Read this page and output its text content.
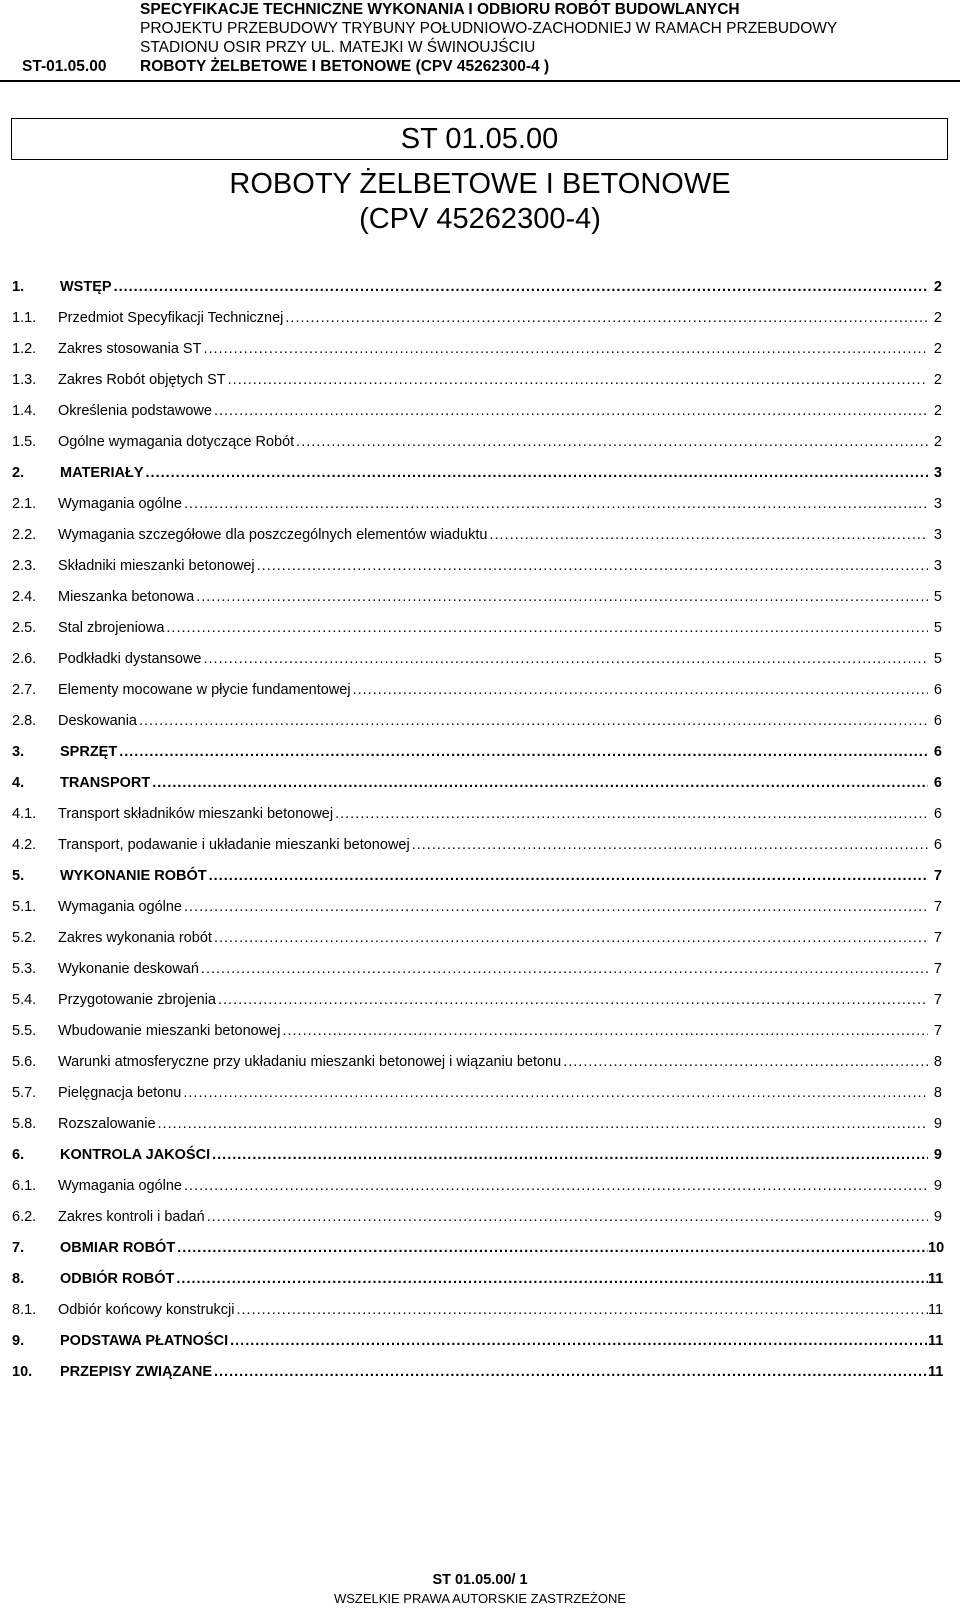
SPECYFIKACJE TECHNICZNE WYKONANIA I ODBIORU ROBÓT BUDOWLANYCH
PROJEKTU PRZEBUDOWY TRYBUNY POŁUDNIOWO-ZACHODNIEJ W RAMACH PRZEBUDOWY
STADIONU OSIR PRZY UL. MATEJKI W ŚWINOUJŚCIU
ST-01.05.00	ROBOTY ŻELBETOWE I BETONOWE (CPV 45262300-4 )
ST 01.05.00
ROBOTY ŻELBETOWE I BETONOWE
(CPV 45262300-4)
1.	WSTĘP .....	2
1.1.	Przedmiot Specyfikacji Technicznej .....	2
1.2.	Zakres stosowania ST .....	2
1.3.	Zakres Robót objętych ST .....	2
1.4.	Określenia podstawowe .....	2
1.5.	Ogólne wymagania dotyczące Robót .....	2
2.	MATERIAŁY .....	3
2.1.	Wymagania ogólne .....	3
2.2.	Wymagania szczegółowe dla poszczególnych elementów wiaduktu .....	3
2.3.	Składniki mieszanki betonowej .....	3
2.4.	Mieszanka betonowa .....	5
2.5.	Stal zbrojeniowa .....	5
2.6.	Podkładki dystansowe .....	5
2.7.	Elementy mocowane w płycie fundamentowej .....	6
2.8.	Deskowania .....	6
3.	SPRZĘT .....	6
4.	TRANSPORT .....	6
4.1.	Transport składników mieszanki betonowej .....	6
4.2.	Transport, podawanie i układanie mieszanki betonowej .....	6
5.	WYKONANIE ROBÓT .....	7
5.1.	Wymagania ogólne .....	7
5.2.	Zakres wykonania robót .....	7
5.3.	Wykonanie deskowań .....	7
5.4.	Przygotowanie zbrojenia .....	7
5.5.	Wbudowanie mieszanki betonowej .....	7
5.6.	Warunki atmosferyczne przy układaniu mieszanki betonowej i wiązaniu betonu .....	8
5.7.	Pielęgnacja betonu .....	8
5.8.	Rozszalowanie .....	9
6.	KONTROLA JAKOŚCI .....	9
6.1.	Wymagania ogólne .....	9
6.2.	Zakres kontroli i badań .....	9
7.	OBMIAR ROBÓT .....	10
8.	ODBIÓR ROBÓT .....	11
8.1.	Odbiór końcowy konstrukcji .....	11
9.	PODSTAWA PŁATNOŚCI .....	11
10.	PRZEPISY ZWIĄZANE .....	11
ST 01.05.00/ 1
WSZELKIE PRAWA AUTORSKIE ZASTRZEŻONE
